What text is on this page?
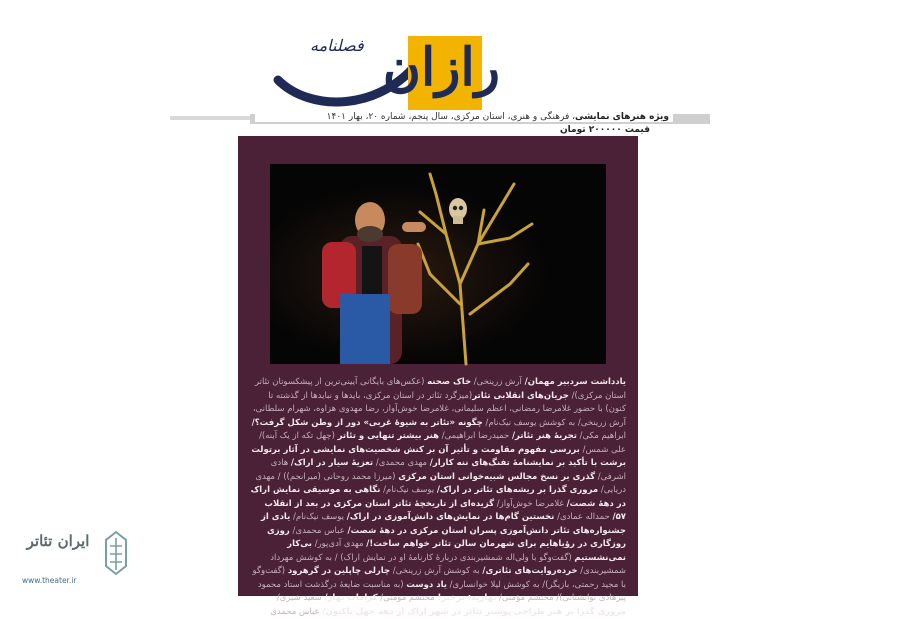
رازان
فصلنامه
ویژه هنرهای نمایشی، فرهنگی و هنری، استان مرکزی، سال پنجم، شماره ۲۰، بهار ۱۴۰۱
قیمت ۲۰۰۰۰۰ تومان
یادداشت سردبیر مهمان/ آرش زرینخی/ خاک صحنه (عکس‌های بایگانی آیینی‌ترین از پیشکسوتان تئاتر استان مرکزی)/ جریان‌های انقلابی تئاتر(میزگرد تئاتر در استان مرکزی، بایدها و نبایدها از گذشته تا کنون) با حضور غلامرضا رمضانی، اعظم سلیمانی، غلامرضا خوش‌آواز، رضا مهدوی هزاوه، شهرام سلطانی، آرش زرینخی/ به کوشش یوسف نیک‌نام/ چگونه «تئاتر به شیوهٔ غربی» دور از وطن شکل گرفت؟/ ابراهیم مکی/ تجربهٔ هنر تئاتر/ حمیدرضا ابراهیمی/ هنر بیشتر تنهایی و تئاتر (چهل تکه از یک آینه)/ علی شمس/ بررسی مفهوم مقاومت و تأثیر آن بر کنش شخصیت‌های نمایشی در آثار برتولت برشت با تأکید بر نمایشنامهٔ تفنگ‌های ننه کارار/ مهدی محمدی/ تعزیهٔ سیار در اراک/ هادی اشرفی/ گذری بر نسخ مجالس شبیه‌خوانی استان مرکزی (میرزا محمد روحانی (میرانجم)) / مهدی دریایی/ مروری گذرا بر ریشه‌های تئاتر در اراک/ یوسف نیک‌نام/ نگاهی به موسیقی نمایش اراک در دههٔ شصت/ غلامرضا خوش‌آواز/ گزیده‌ای از تاریخچهٔ تئاتر استان مرکزی در بعد از انقلاب ۵۷/ حمداله عمادی/ نخستین گام‌ها در نمایش‌های دانش‌آموزی در اراک/ یوسف نیک‌نام/ یادی از جشنواره‌های تئاتر دانش‌آموزی پسران استان مرکزی در دههٔ شصت/ عباس محمدی/ روزی روزگاری در رؤیاهایم برای شهرمان سالن تئاتر خواهم ساخت!/ مهدی آدی‌پور/ بی‌کار نمی‌نشستیم (گفت‌وگو با ولی‌اله شمشیربندی دربارهٔ کارنامهٔ او در نمایش اراک) / به کوشش مهرداد شمشیربندی/ خرده‌روایت‌های تئاتری/ به کوشش آرش زرینخی/ چارلی چاپلین در گرهرود (گفت‌وگو با مجید رحمتی، بازیگر)/ به کوشش لیلا خوانساری/ یاد دوست (به مناسبت ضایعهٔ درگذشت استاد محمود پیرهادی نوانشنانی)/ محتشم مؤمنی/ بهاریه: برخیز! محتشم مومنی/ کرامات بهار/ سعید شیری/ مروری گذرا بر هنر طراحی پوستر تئاتر در شهر اراک از دهه چهل تاکنون/ عباس محمدی
ایران تئاتر
www.theater.ir
